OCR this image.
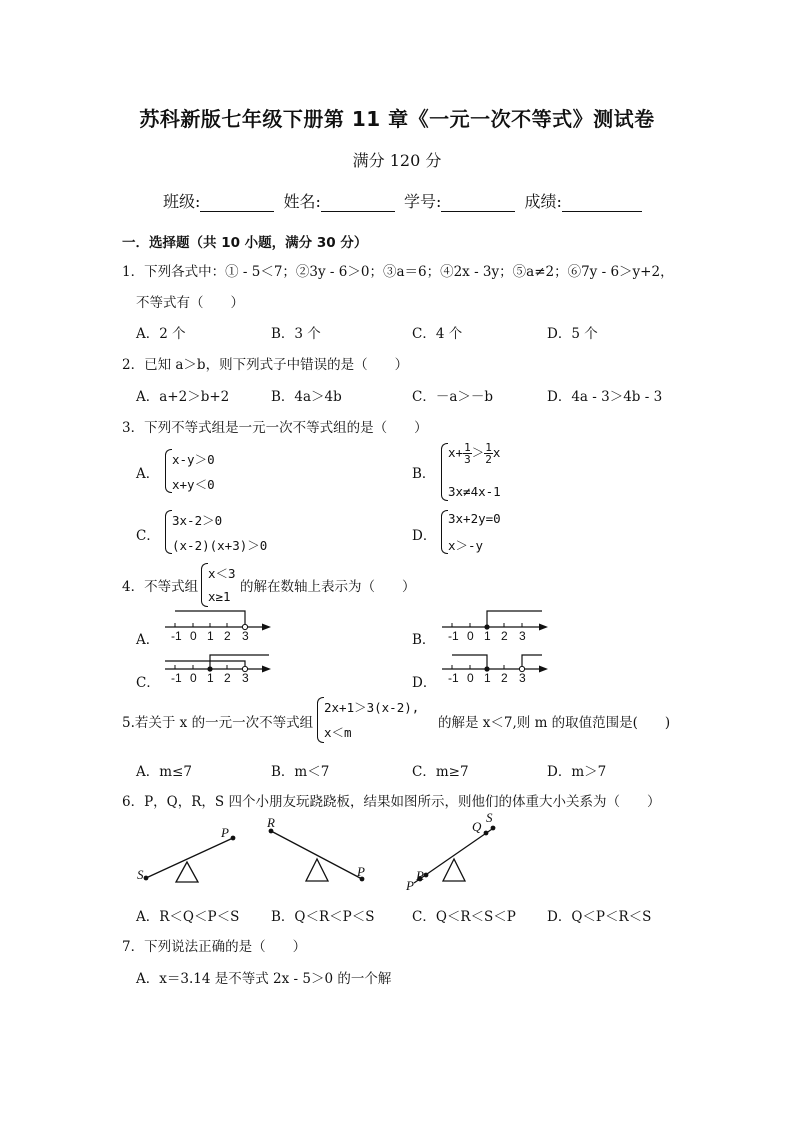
苏科新版七年级下册第 11 章《一元一次不等式》测试卷
满分 120 分
班级:	姓名:	学号:	成绩:
一．选择题（共 10 小题，满分 30 分）
1．下列各式中：① - 5＜7；②3y - 6＞0；③a＝6；④2x - 3y；⑤a≠2；⑥7y - 6＞y+2，
不等式有（　　）
A．2 个	B．3 个	C．4 个	D．5 个
2．已知 a＞b，则下列式子中错误的是（　　）
A．a+2＞b+2	B．4a＞4b	C．－a＞－b	D．4a - 3＞4b - 3
3．下列不等式组是一元一次不等式组的是（　　）
A．
x-y＞0
x+y＜0
B．
$x+ \frac{1}{3} > \frac{1}{2}$ x
3x≠4x-1
C．
3x-2＞0
(x-2)(x+3)＞0
D．
3x+2y=0
x＞-y
4．不等式组
x＜3
x≥1
的解在数轴上表示为（　　）
A． -1 0 1 2 3	B． -1 0 1 2 3
C． -1 0 1 2 3	D． -1 0 1 2 3
5.若关于 x 的一元一次不等式组
2x+1＞3(x-2),
x＜m
的解是 x＜7,则 m 的取值范围是(　　)
A．m≤7	B．m＜7	C．m≥7	D．m＞7
6．P，Q，R，S 四个小朋友玩跷跷板，结果如图所示，则他们的体重大小关系为（　　）
S
P
R
P
P
R
Q
S
A．R＜Q＜P＜S B．Q＜R＜P＜S	C．Q＜R＜S＜P D．Q＜P＜R＜S
7．下列说法正确的是（　　）
A．x＝3.14 是不等式 2x - 5＞0 的一个解
